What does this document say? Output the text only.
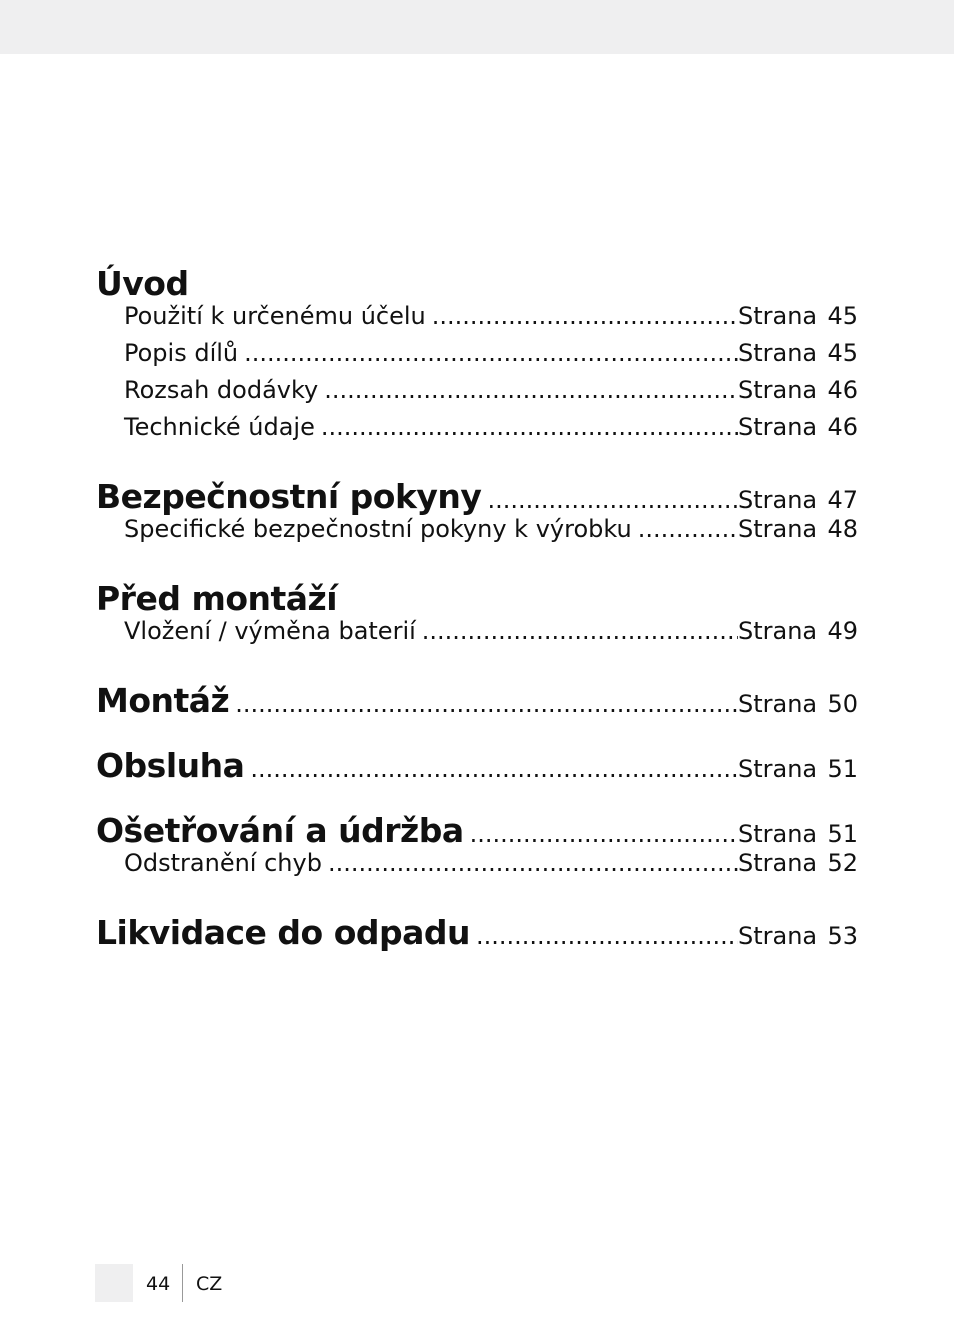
Úvod
Použití k určenému účelu .....	Strana 45
Popis dílů .....	Strana 45
Rozsah dodávky .....	Strana 46
Technické údaje .....	Strana 46
Bezpečnostní pokyny .....	Strana 47
Specifické bezpečnostní pokyny k výrobku .....	Strana 48
Před montáží
Vložení / výměna baterií .....	Strana 49
Montáž .....	Strana 50
Obsluha .....	Strana 51
Ošetřování a údržba .....	Strana 51
Odstranění chyb .....	Strana 52
Likvidace do odpadu .....	Strana 53
44 CZ
